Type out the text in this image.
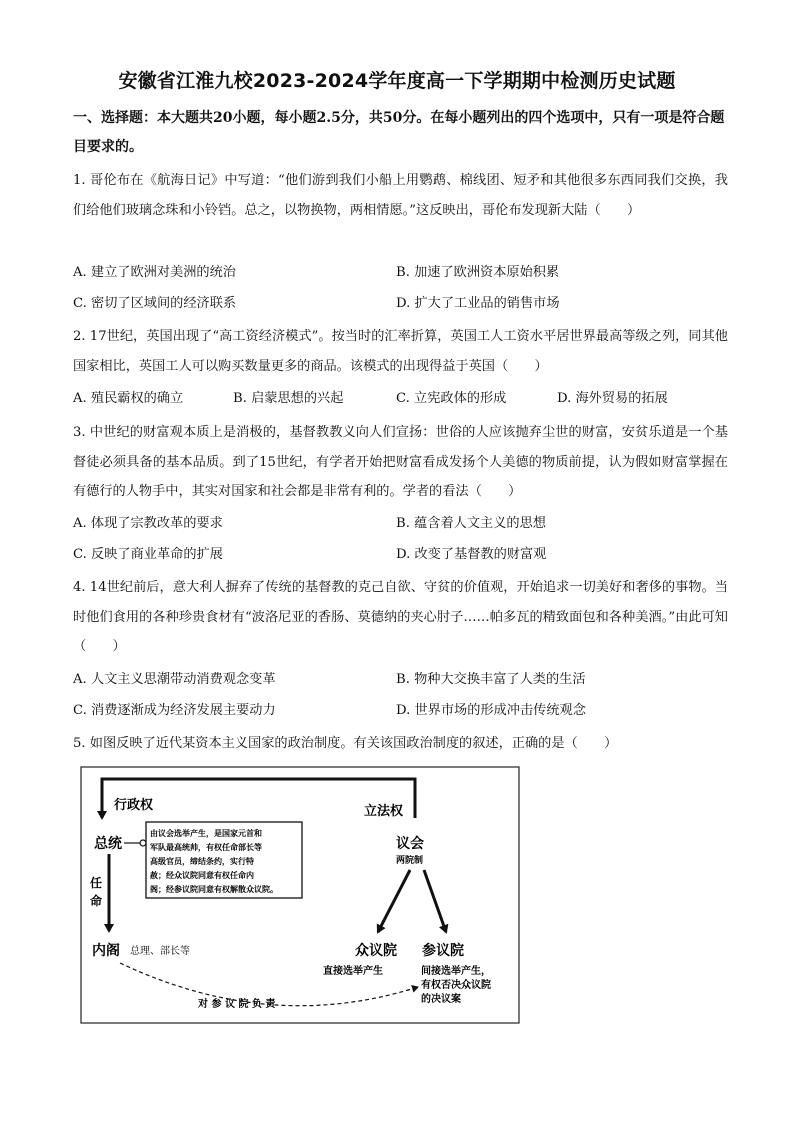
安徽省江淮九校2023-2024学年度高一下学期期中检测历史试题
一、选择题：本大题共20小题，每小题2.5分，共50分。在每小题列出的四个选项中，只有一项是符合题目要求的。
1. 哥伦布在《航海日记》中写道：“他们游到我们小船上用鹦鹉、棉线团、短矛和其他很多东西同我们交换，我们给他们玻璃念珠和小铃铛。总之，以物换物，两相情愿。”这反映出，哥伦布发现新大陆（　　）
A. 建立了欧洲对美洲的统治	B. 加速了欧洲资本原始积累
C. 密切了区域间的经济联系	D. 扩大了工业品的销售市场
2. 17世纪，英国出现了“高工资经济模式”。按当时的汇率折算，英国工人工资水平居世界最高等级之列，同其他国家相比，英国工人可以购买数量更多的商品。该模式的出现得益于英国（　　）
A. 殖民霸权的确立	B. 启蒙思想的兴起	C. 立宪政体的形成	D. 海外贸易的拓展
3. 中世纪的财富观本质上是消极的，基督教教义向人们宣扬：世俗的人应该抛弃尘世的财富，安贫乐道是一个基督徒必须具备的基本品质。到了15世纪，有学者开始把财富看成发扬个人美德的物质前提，认为假如财富掌握在有德行的人物手中，其实对国家和社会都是非常有利的。学者的看法（　　）
A. 体现了宗教改革的要求	B. 蕴含着人文主义的思想
C. 反映了商业革命的扩展	D. 改变了基督教的财富观
4. 14世纪前后，意大利人摒弃了传统的基督教的克己自欲、守贫的价值观，开始追求一切美好和奢侈的事物。当时他们食用的各种珍贵食材有“波洛尼亚的香肠、莫德纳的夹心肘子……帕多瓦的精致面包和各种美酒。”由此可知（　　）
A. 人文主义思潮带动消费观念变革	B. 物种大交换丰富了人类的生活
C. 消费逐渐成为经济发展主要动力	D. 世界市场的形成冲击传统观念
5. 如图反映了近代某资本主义国家的政治制度。有关该国政治制度的叙述，正确的是（　　）
行政权	立法权
总统
由议会选举产生，是国家元首和
军队最高统帅，有权任命部长等
高级官员，缔结条约，实行特
赦；经众议院同意有权任命内
阁；经参议院同意有权解散众议院。
任
命
议会
两院制
内阁 总理、部长等	众议院
直接选举产生
参议院
间接选举产生，
有权否决众议院
的决议案
对 参 议 院 负 责
